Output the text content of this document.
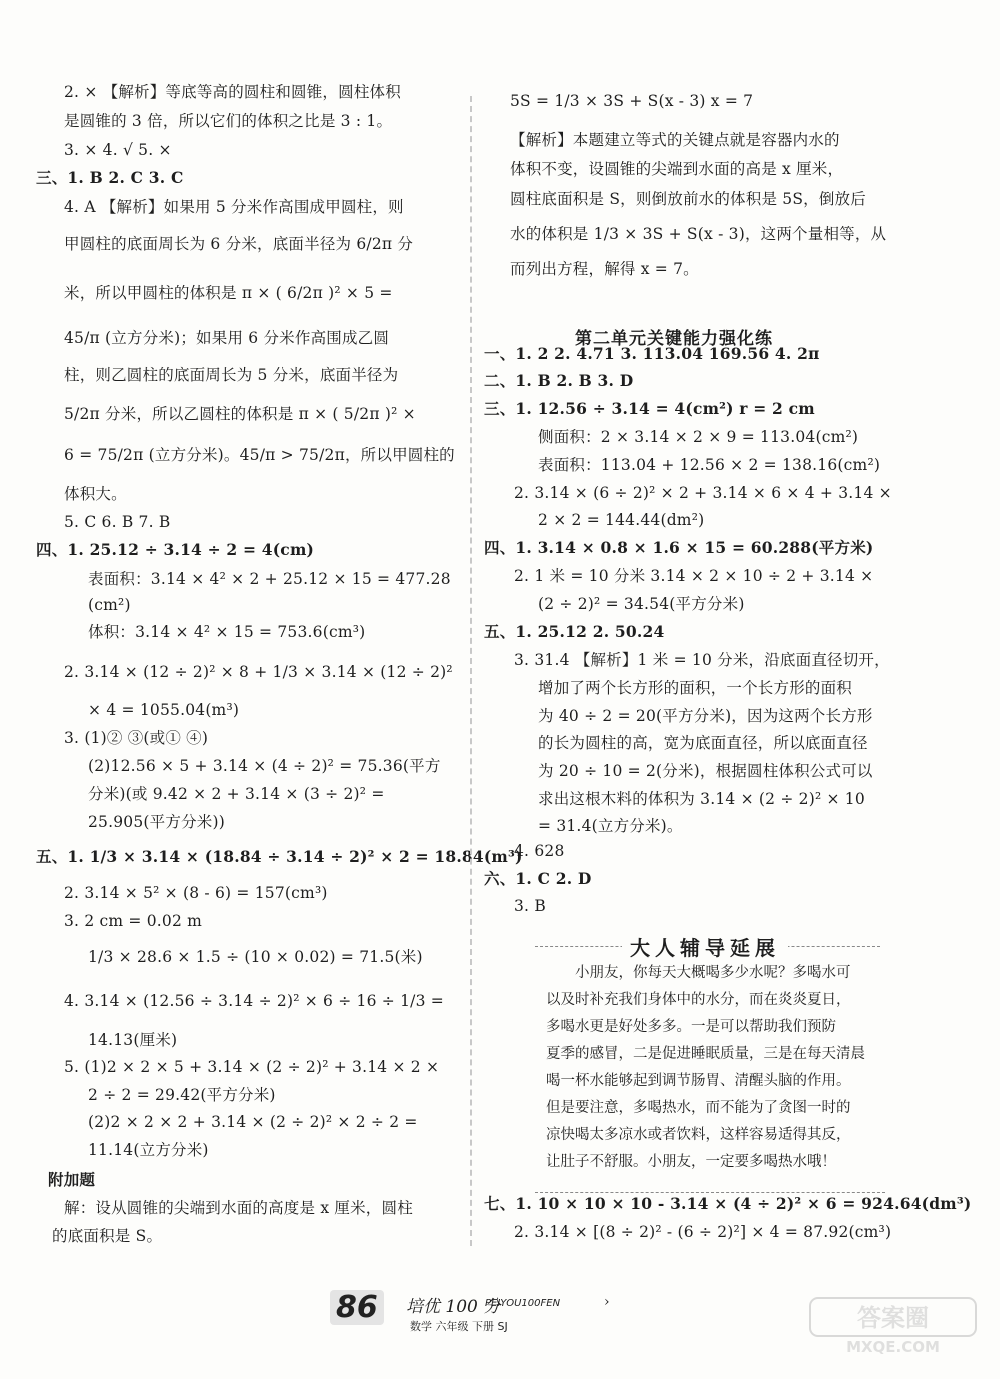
2. × 【解析】等底等高的圆柱和圆锥，圆柱体积
是圆锥的 3 倍，所以它们的体积之比是 3 : 1。
3. × 4. √ 5. ×
三、1. B 2. C 3. C
4. A 【解析】如果用 5 分米作高围成甲圆柱，则
甲圆柱的底面周长为 6 分米，底面半径为 6/2π 分
米，所以甲圆柱的体积是 π × ( 6/2π )² × 5 =
45/π (立方分米)；如果用 6 分米作高围成乙圆
柱，则乙圆柱的底面周长为 5 分米，底面半径为
5/2π 分米，所以乙圆柱的体积是 π × ( 5/2π )² ×
6 = 75/2π (立方分米)。45/π > 75/2π，所以甲圆柱的
体积大。
5. C 6. B 7. B
四、1. 25.12 ÷ 3.14 ÷ 2 = 4(cm)
表面积：3.14 × 4² × 2 + 25.12 × 15 = 477.28
(cm²)
体积：3.14 × 4² × 15 = 753.6(cm³)
2. 3.14 × (12 ÷ 2)² × 8 + 1/3 × 3.14 × (12 ÷ 2)²
× 4 = 1055.04(m³)
3. (1)② ③(或① ④)
(2)12.56 × 5 + 3.14 × (4 ÷ 2)² = 75.36(平方
分米)(或 9.42 × 2 + 3.14 × (3 ÷ 2)² =
25.905(平方分米))
五、1. 1/3 × 3.14 × (18.84 ÷ 3.14 ÷ 2)² × 2 = 18.84(m³)
2. 3.14 × 5² × (8 - 6) = 157(cm³)
3. 2 cm = 0.02 m
1/3 × 28.6 × 1.5 ÷ (10 × 0.02) = 71.5(米)
4. 3.14 × (12.56 ÷ 3.14 ÷ 2)² × 6 ÷ 16 ÷ 1/3 =
14.13(厘米)
5. (1)2 × 2 × 5 + 3.14 × (2 ÷ 2)² + 3.14 × 2 ×
2 ÷ 2 = 29.42(平方分米)
(2)2 × 2 × 2 + 3.14 × (2 ÷ 2)² × 2 ÷ 2 =
11.14(立方分米)
附加题
解：设从圆锥的尖端到水面的高度是 x 厘米，圆柱
的底面积是 S。
5S = 1/3 × 3S + S(x - 3) x = 7
【解析】本题建立等式的关键点就是容器内水的
体积不变，设圆锥的尖端到水面的高是 x 厘米，
圆柱底面积是 S，则倒放前水的体积是 5S，倒放后
水的体积是 1/3 × 3S + S(x - 3)，这两个量相等，从
而列出方程，解得 x = 7。
一、1. 2 2. 4.71 3. 113.04 169.56 4. 2π
二、1. B 2. B 3. D
三、1. 12.56 ÷ 3.14 = 4(cm²) r = 2 cm
侧面积：2 × 3.14 × 2 × 9 = 113.04(cm²)
表面积：113.04 + 12.56 × 2 = 138.16(cm²)
2. 3.14 × (6 ÷ 2)² × 2 + 3.14 × 6 × 4 + 3.14 ×
2 × 2 = 144.44(dm²)
四、1. 3.14 × 0.8 × 1.6 × 15 = 60.288(平方米)
2. 1 米 = 10 分米 3.14 × 2 × 10 ÷ 2 + 3.14 ×
(2 ÷ 2)² = 34.54(平方分米)
五、1. 25.12 2. 50.24
3. 31.4 【解析】1 米 = 10 分米，沿底面直径切开，
增加了两个长方形的面积，一个长方形的面积
为 40 ÷ 2 = 20(平方分米)，因为这两个长方形
的长为圆柱的高，宽为底面直径，所以底面直径
为 20 ÷ 10 = 2(分米)，根据圆柱体积公式可以
求出这根木料的体积为 3.14 × (2 ÷ 2)² × 10
= 31.4(立方分米)。
4. 628
六、1. C 2. D
3. B
七、1. 10 × 10 × 10 - 3.14 × (4 ÷ 2)² × 6 = 924.64(dm³)
2. 3.14 × [(8 ÷ 2)² - (6 ÷ 2)²] × 4 = 87.92(cm³)
第二单元关键能力强化练
大人辅导延展
小朋友，你每天大概喝多少水呢？多喝水可
以及时补充我们身体中的水分，而在炎炎夏日，
多喝水更是好处多多。一是可以帮助我们预防
夏季的感冒，二是促进睡眠质量，三是在每天清晨
喝一杯水能够起到调节肠胃、清醒头脑的作用。
但是要注意，多喝热水，而不能为了贪图一时的
凉快喝太多凉水或者饮料，这样容易适得其反，
让肚子不舒服。小朋友，一定要多喝热水哦！
86	培优 100 分
PEIYOU100FEN
数学 六年级 下册 SJ
›
答案圈
MXQE.COM
